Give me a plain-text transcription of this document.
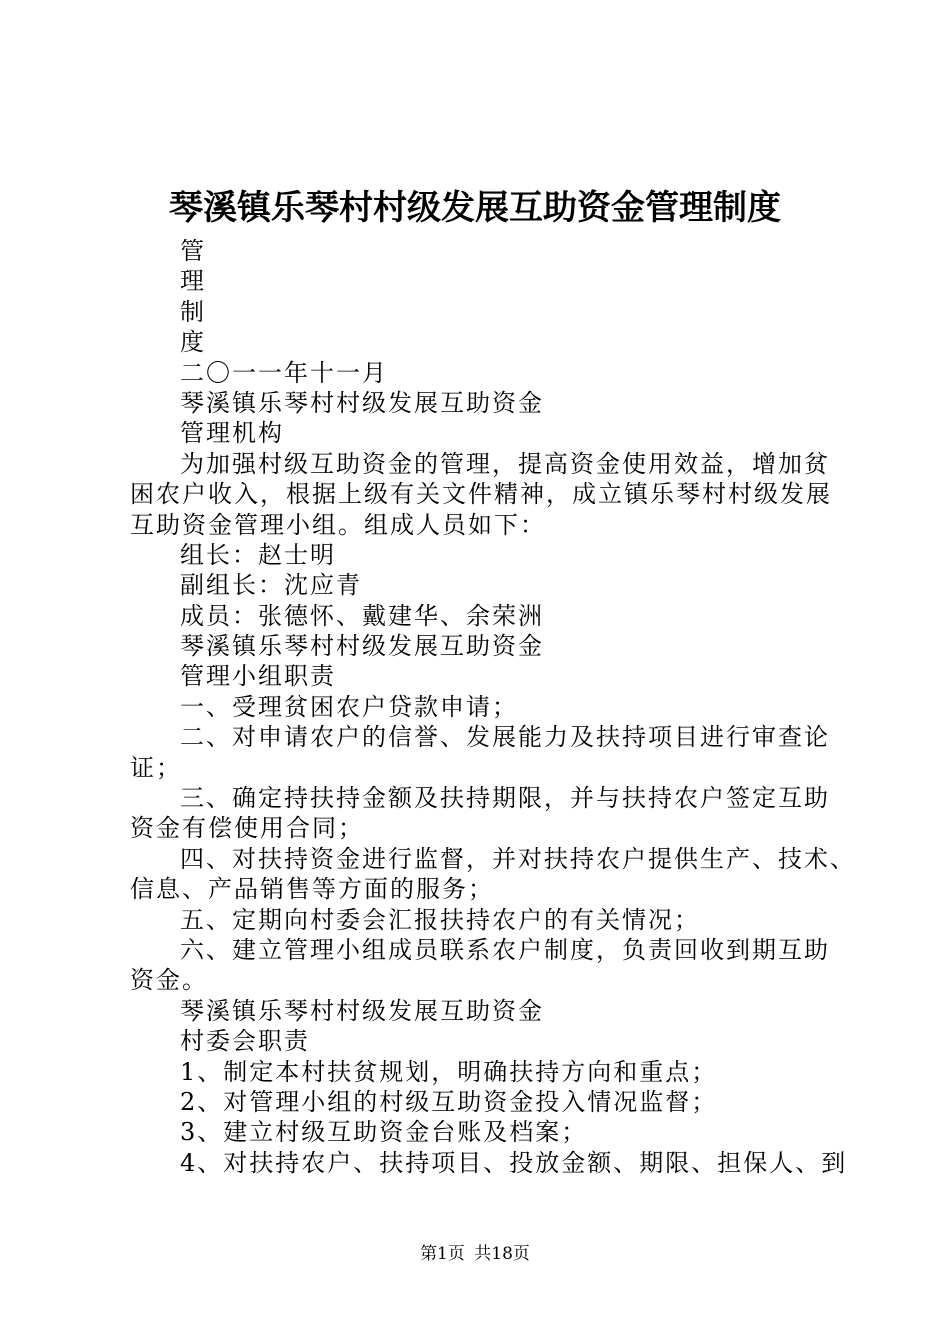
琴溪镇乐琴村村级发展互助资金管理制度
管
理
制
度
二〇一一年十一月
琴溪镇乐琴村村级发展互助资金
管理机构
为加强村级互助资金的管理，提高资金使用效益，增加贫
困农户收入，根据上级有关文件精神，成立镇乐琴村村级发展
互助资金管理小组。组成人员如下：
组长：赵士明
副组长：沈应青
成员：张德怀、戴建华、余荣洲
琴溪镇乐琴村村级发展互助资金
管理小组职责
一、受理贫困农户贷款申请；
二、对申请农户的信誉、发展能力及扶持项目进行审查论
证；
三、确定持扶持金额及扶持期限，并与扶持农户签定互助
资金有偿使用合同；
四、对扶持资金进行监督，并对扶持农户提供生产、技术、
信息、产品销售等方面的服务；
五、定期向村委会汇报扶持农户的有关情况；
六、建立管理小组成员联系农户制度，负责回收到期互助
资金。
琴溪镇乐琴村村级发展互助资金
村委会职责
1、制定本村扶贫规划，明确扶持方向和重点；
2、对管理小组的村级互助资金投入情况监督；
3、建立村级互助资金台账及档案；
4、对扶持农户、扶持项目、投放金额、期限、担保人、到
第1页 共18页
